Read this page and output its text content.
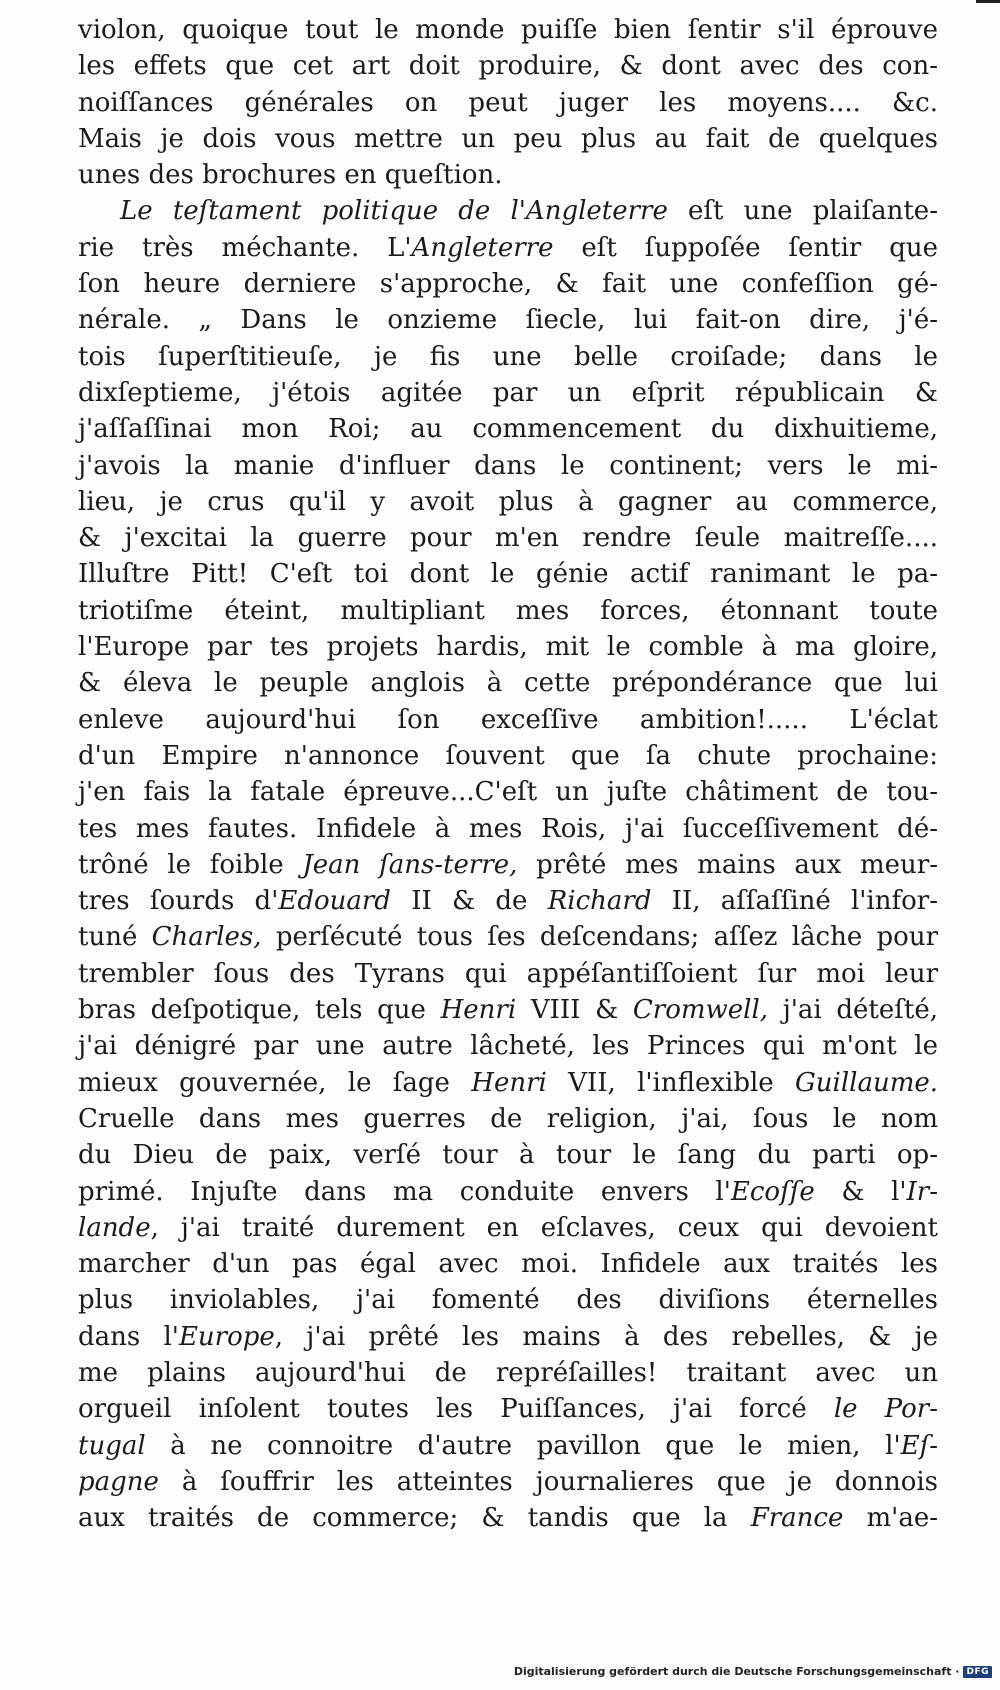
violon, quoique tout le monde puiſſe bien ſentir s'il éprouve
les effets que cet art doit produire, & dont avec des con-
noiſſances générales on peut juger les moyens.... &c.
Mais je dois vous mettre un peu plus au fait de quelques
unes des brochures en queſtion.
Le teſtament politique de l'Angleterre eſt une plaiſante-
rie très méchante. L'Angleterre eſt ſuppoſée ſentir que
ſon heure derniere s'approche, & fait une confeſſion gé-
nérale. „ Dans le onzieme ſiecle, lui fait-on dire, j'é-
tois ſuperſtitieuſe, je fis une belle croiſade; dans le
dixſeptieme, j'étois agitée par un eſprit républicain &
j'aſſaſſinai mon Roi; au commencement du dixhuitieme,
j'avois la manie d'influer dans le continent; vers le mi-
lieu, je crus qu'il y avoit plus à gagner au commerce,
& j'excitai la guerre pour m'en rendre ſeule maitreſſe....
Illuſtre Pitt! C'eſt toi dont le génie actif ranimant le pa-
triotiſme éteint, multipliant mes forces, étonnant toute
l'Europe par tes projets hardis, mit le comble à ma gloire,
& éleva le peuple anglois à cette prépondérance que lui
enleve aujourd'hui ſon exceſſive ambition!..... L'éclat
d'un Empire n'annonce ſouvent que ſa chute prochaine:
j'en fais la fatale épreuve...C'eſt un juſte châtiment de tou-
tes mes fautes. Infidele à mes Rois, j'ai ſucceſſivement dé-
trôné le foible Jean ſans-terre, prêté mes mains aux meur-
tres ſourds d'Edouard II & de Richard II, aſſaſſiné l'infor-
tuné Charles, perſécuté tous ſes deſcendans; aſſez lâche pour
trembler ſous des Tyrans qui appéſantiſſoient ſur moi leur
bras deſpotique, tels que Henri VIII & Cromwell, j'ai déteſté,
j'ai dénigré par une autre lâcheté, les Princes qui m'ont le
mieux gouvernée, le ſage Henri VII, l'inflexible Guillaume.
Cruelle dans mes guerres de religion, j'ai, ſous le nom
du Dieu de paix, verſé tour à tour le ſang du parti op-
primé. Injuſte dans ma conduite envers l'Ecoſſe & l'Ir-
lande, j'ai traité durement en eſclaves, ceux qui devoient
marcher d'un pas égal avec moi. Infidele aux traités les
plus inviolables, j'ai fomenté des diviſions éternelles
dans l'Europe, j'ai prêté les mains à des rebelles, & je
me plains aujourd'hui de repréſailles! traitant avec un
orgueil inſolent toutes les Puiſſances, j'ai forcé le Por-
tugal à ne connoitre d'autre pavillon que le mien, l'Eſ-
pagne à ſouffrir les atteintes journalieres que je donnois
aux traités de commerce; & tandis que la France m'ae-
Digitalisierung gefördert durch die Deutsche Forschungsgemeinschaft · DFG
